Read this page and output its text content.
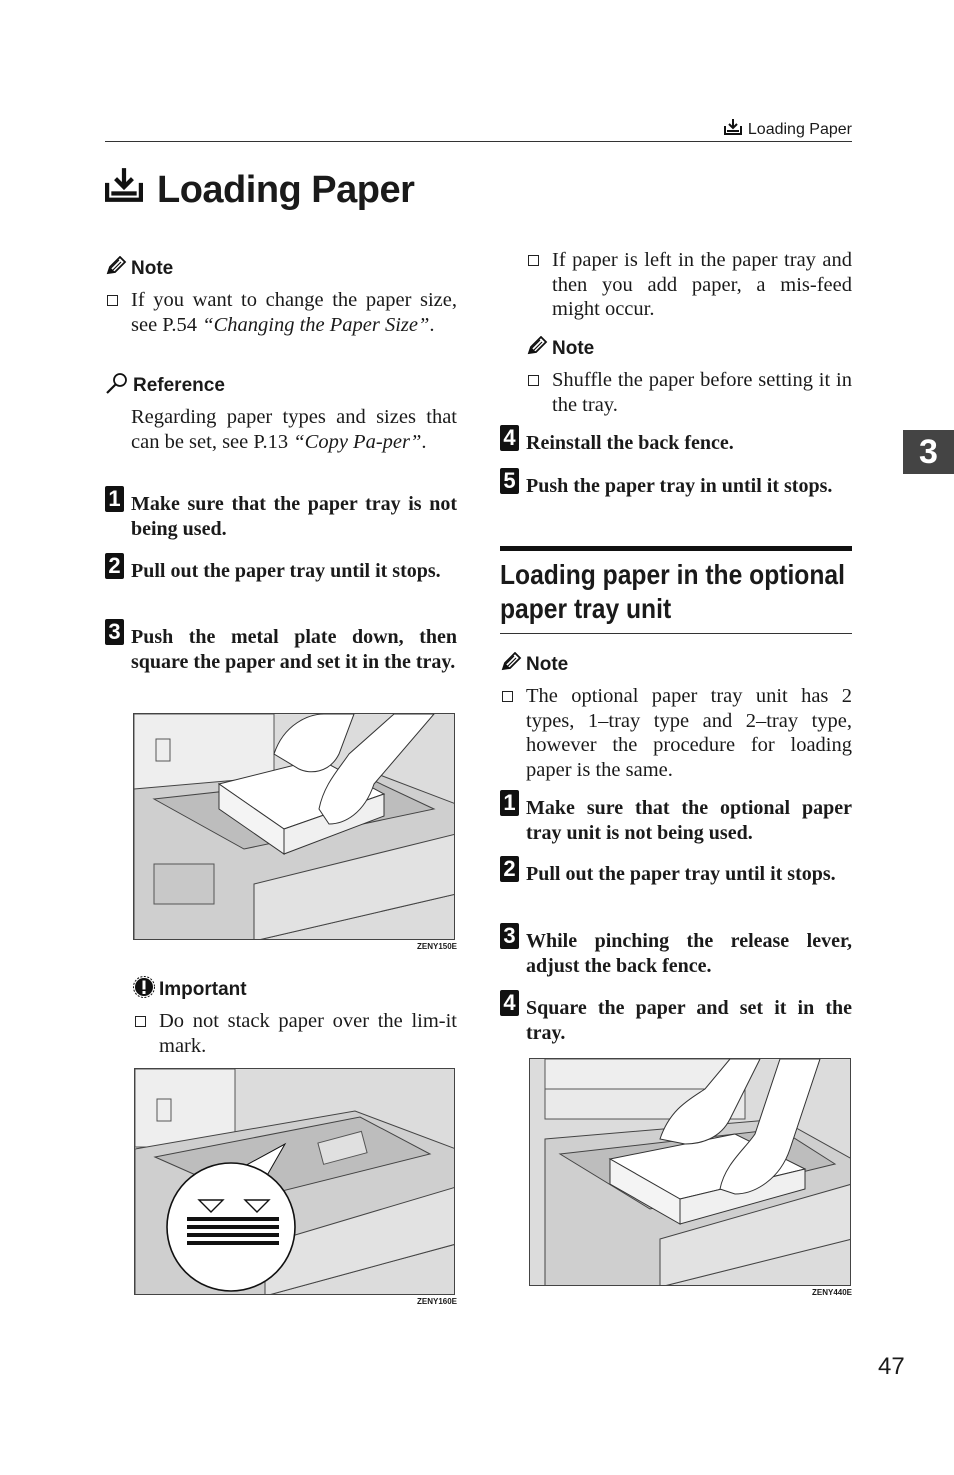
Loading Paper
Loading Paper
3
Note

If you want to change the paper size, see P.54 “Changing the Paper Size”.

Reference

Regarding paper types and sizes that can be set, see P.13 “Copy Pa-per”.

1 Make sure that the paper tray is not being used.

2 Pull out the paper tray until it stops.

3 Push the metal plate down, then square the paper and set it in the tray.

ZENY150E
Important

Do not stack paper over the lim-it mark.

ZENY160E

If paper is left in the paper tray and then you add paper, a mis-feed might occur.

Note

Shuffle the paper before setting it in the tray.

4 Reinstall the back fence.

5 Push the paper tray in until it stops.

Loading paper in the optional
paper tray unit
Note

The optional paper tray unit has 2 types, 1–tray type and 2–tray type, however the procedure for loading paper is the same.

1 Make sure that the optional paper tray unit is not being used.

2 Pull out the paper tray until it stops.

3 While pinching the release lever, adjust the back fence.

4 Square the paper and set it in the tray.

ZENY440E
47
